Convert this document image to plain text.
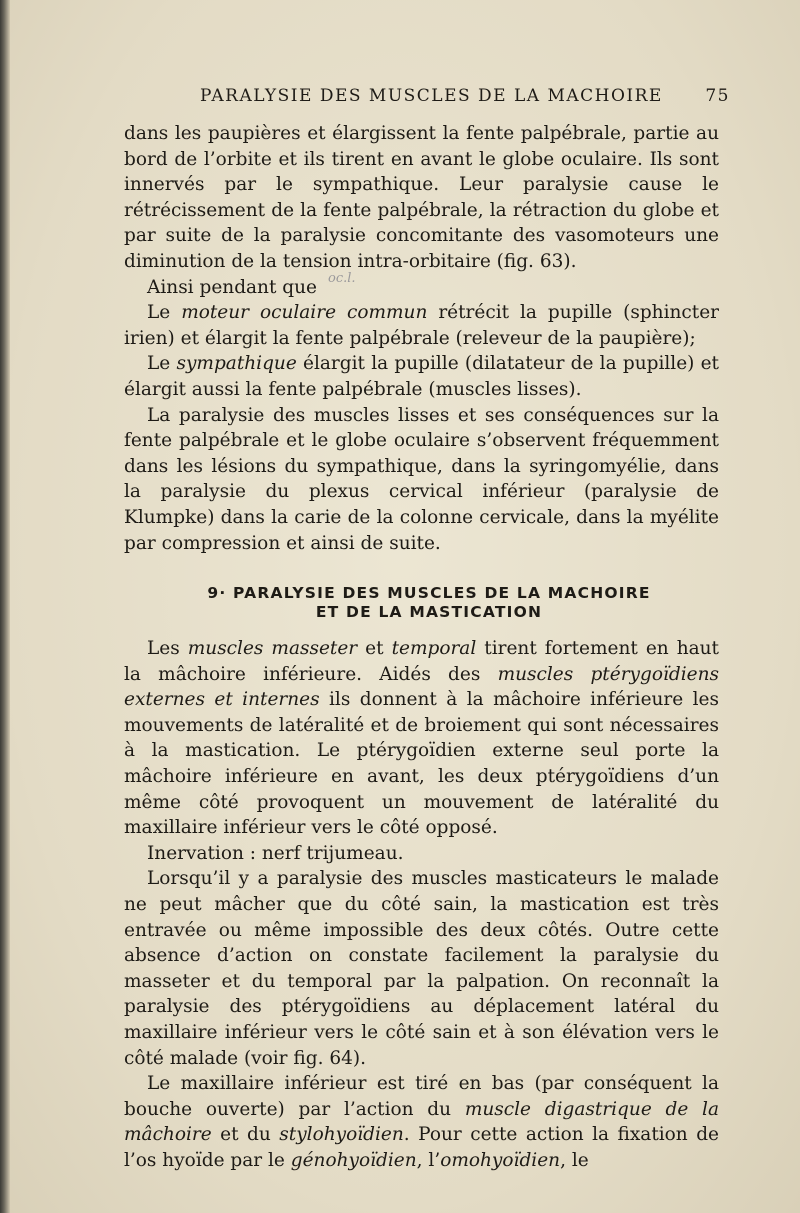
PARALYSIE DES MUSCLES DE LA MACHOIRE	75

dans les paupières et élargissent la fente palpébrale, partie au bord de l’orbite et ils tirent en avant le globe oculaire. Ils sont innervés par le sympathique. Leur paralysie cause le rétrécissement de la fente palpébrale, la rétraction du globe et par suite de la paralysie concomitante des vasomoteurs une diminution de la tension intra-orbitaire (fig. 63).

Ainsi pendant que

Le moteur oculaire commun rétrécit la pupille (sphincter irien) et élargit la fente palpébrale (releveur de la paupière);

Le sympathique élargit la pupille (dilatateur de la pupille) et élargit aussi la fente palpébrale (muscles lisses).

La paralysie des muscles lisses et ses conséquences sur la fente palpébrale et le globe oculaire s’observent fréquemment dans les lésions du sympathique, dans la syringomyélie, dans la paralysie du plexus cervical inférieur (paralysie de Klumpke) dans la carie de la colonne cervicale, dans la myélite par compression et ainsi de suite.

oc.l.
9· PARALYSIE DES MUSCLES DE LA MACHOIRE
ET DE LA MASTICATION

Les muscles masseter et temporal tirent fortement en haut la mâchoire inférieure. Aidés des muscles ptérygoïdiens externes et internes ils donnent à la mâchoire inférieure les mouvements de latéralité et de broiement qui sont nécessaires à la mastication. Le ptérygoïdien externe seul porte la mâchoire inférieure en avant, les deux ptérygoïdiens d’un même côté provoquent un mouvement de latéralité du maxillaire inférieur vers le côté opposé.

Inervation : nerf trijumeau.

Lorsqu’il y a paralysie des muscles masticateurs le malade ne peut mâcher que du côté sain, la mastication est très entravée ou même impossible des deux côtés. Outre cette absence d’action on constate facilement la paralysie du masseter et du temporal par la palpation. On reconnaît la paralysie des ptérygoïdiens au déplacement latéral du maxillaire inférieur vers le côté sain et à son élévation vers le côté malade (voir fig. 64).

Le maxillaire inférieur est tiré en bas (par conséquent la bouche ouverte) par l’action du muscle digastrique de la mâchoire et du stylohyoïdien. Pour cette action la fixation de l’os hyoïde par le génohyoïdien, l’omohyoïdien, le
